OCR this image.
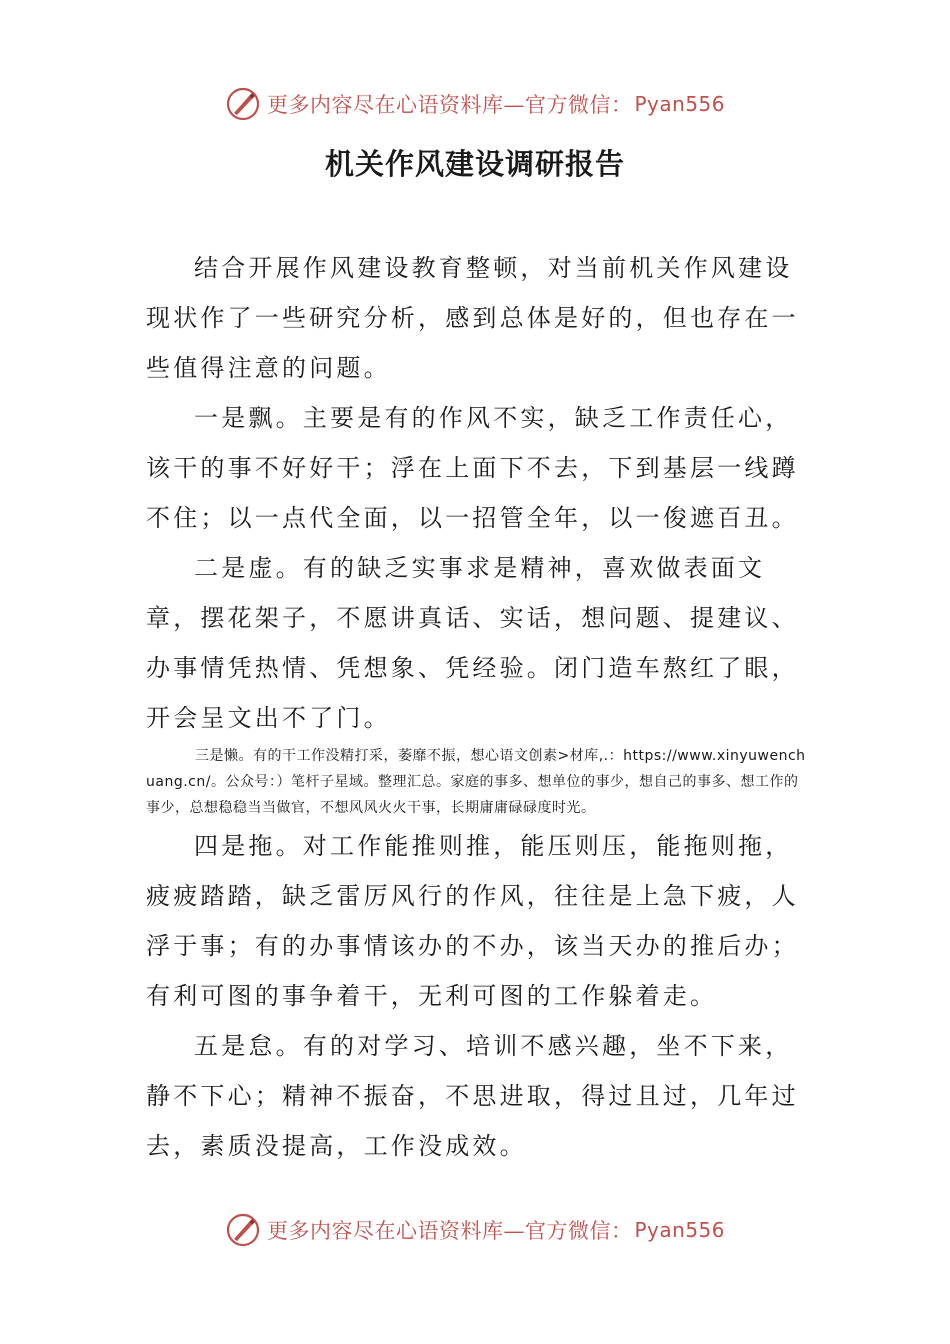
更多内容尽在心语资料库—官方微信： Pyan556
机关作风建设调研报告

结合开展作风建设教育整顿，对当前机关作风建设现状作了一些研究分析，感到总体是好的，但也存在一些值得注意的问题。

一是飘。主要是有的作风不实，缺乏工作责任心，该干的事不好好干；浮在上面下不去，下到基层一线蹲不住；以一点代全面，以一招管全年，以一俊遮百丑。

二是虚。有的缺乏实事求是精神，喜欢做表面文章，摆花架子，不愿讲真话、实话，想问题、提建议、办事情凭热情、凭想象、凭经验。闭门造车熬红了眼，开会呈文出不了门。

三是懒。有的干工作没精打采，萎靡不振，想心语文创素>材库,.：https://www.xinyuwenchuang.cn/。公众号：）笔杆子星域。整理汇总。家庭的事多、想单位的事少，想自己的事多、想工作的事少，总想稳稳当当做官，不想风风火火干事，长期庸庸碌碌度时光。

四是拖。对工作能推则推，能压则压，能拖则拖，疲疲踏踏，缺乏雷厉风行的作风，往往是上急下疲，人浮于事；有的办事情该办的不办，该当天办的推后办；有利可图的事争着干，无利可图的工作躲着走。

五是怠。有的对学习、培训不感兴趣，坐不下来，静不下心；精神不振奋，不思进取，得过且过，几年过去，素质没提高，工作没成效。

更多内容尽在心语资料库—官方微信： Pyan556
